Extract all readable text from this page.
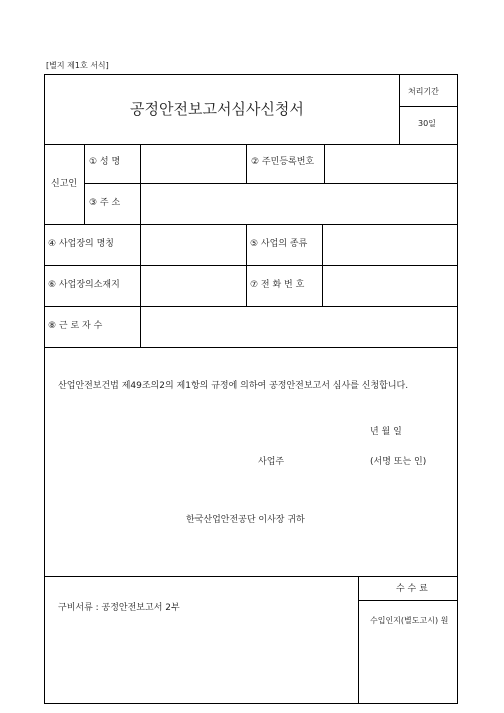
[별지 제1호 서식]
공정안전보고서심사신청서
처리기간
30일
신고인
① 성 명	② 주민등록번호
③ 주 소
④ 사업장의 명칭	⑤ 사업의 종류
⑥ 사업장의소재지	⑦ 전 화 번 호
⑧ 근 로 자 수
산업안전보건법 제49조의2의 제1항의 규정에 의하여 공정안전보고서 심사를 신청합니다.
년 월 일
사업주	(서명 또는 인)
한국산업안전공단 이사장 귀하
구비서류 : 공정안전보고서 2부
수 수 료
수입인지(별도고시) 원
